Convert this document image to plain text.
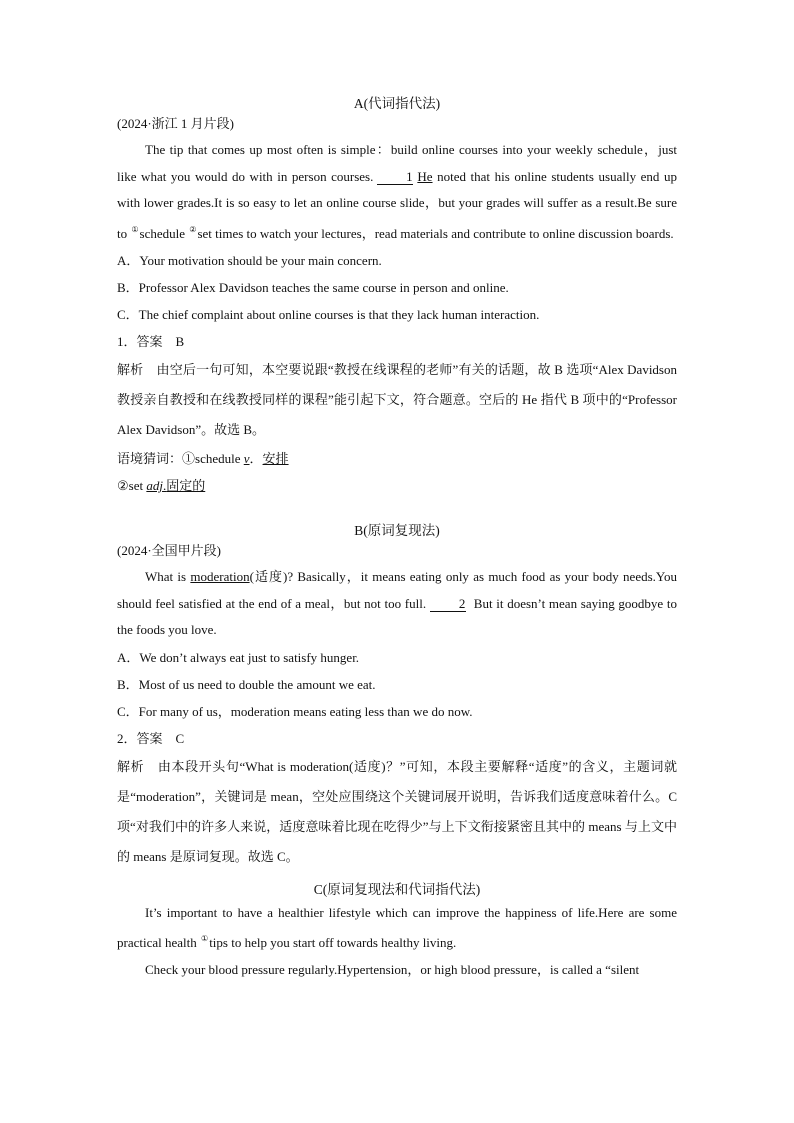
A(代词指代法)
(2024·浙江 1 月片段)
The tip that comes up most often is simple：build online courses into your weekly schedule，just like what you would do with in person courses.	1 He noted that his online students usually end up with lower grades.It is so easy to let an online course slide，but your grades will suffer as a result.Be sure to ①schedule ②set times to watch your lectures，read materials and contribute to online discussion boards.
A．Your motivation should be your main concern.
B．Professor Alex Davidson teaches the same course in person and online.
C．The chief complaint about online courses is that they lack human interaction.
1．答案　B
解析　由空后一句可知，本空要说跟“教授在线课程的老师”有关的话题，故 B 选项“Alex Davidson 教授亲自教授和在线教授同样的课程”能引起下文，符合题意。空后的 He 指代 B 项中的“Professor Alex Davidson”。故选 B。
语境猜词：①schedule v．安排
②set adj.固定的
B(原词复现法)
(2024·全国甲片段)
What is moderation(适度)? Basically，it means eating only as much food as your body needs.You should feel satisfied at the end of a meal，but not too full.	2 But it doesn’t mean saying goodbye to the foods you love.
A．We don’t always eat just to satisfy hunger.
B．Most of us need to double the amount we eat.
C．For many of us，moderation means eating less than we do now.
2．答案　C
解析　由本段开头句“What is moderation(适度)？”可知，本段主要解释“适度”的含义，主题词就是“moderation”，关键词是 mean，空处应围绕这个关键词展开说明，告诉我们适度意味着什么。C 项“对我们中的许多人来说，适度意味着比现在吃得少”与上下文衔接紧密且其中的 means 与上文中的 means 是原词复现。故选 C。
C(原词复现法和代词指代法)
It’s important to have a healthier lifestyle which can improve the happiness of life.Here are some practical health ①tips to help you start off towards healthy living.
Check your blood pressure regularly.Hypertension，or high blood pressure，is called a “silent
